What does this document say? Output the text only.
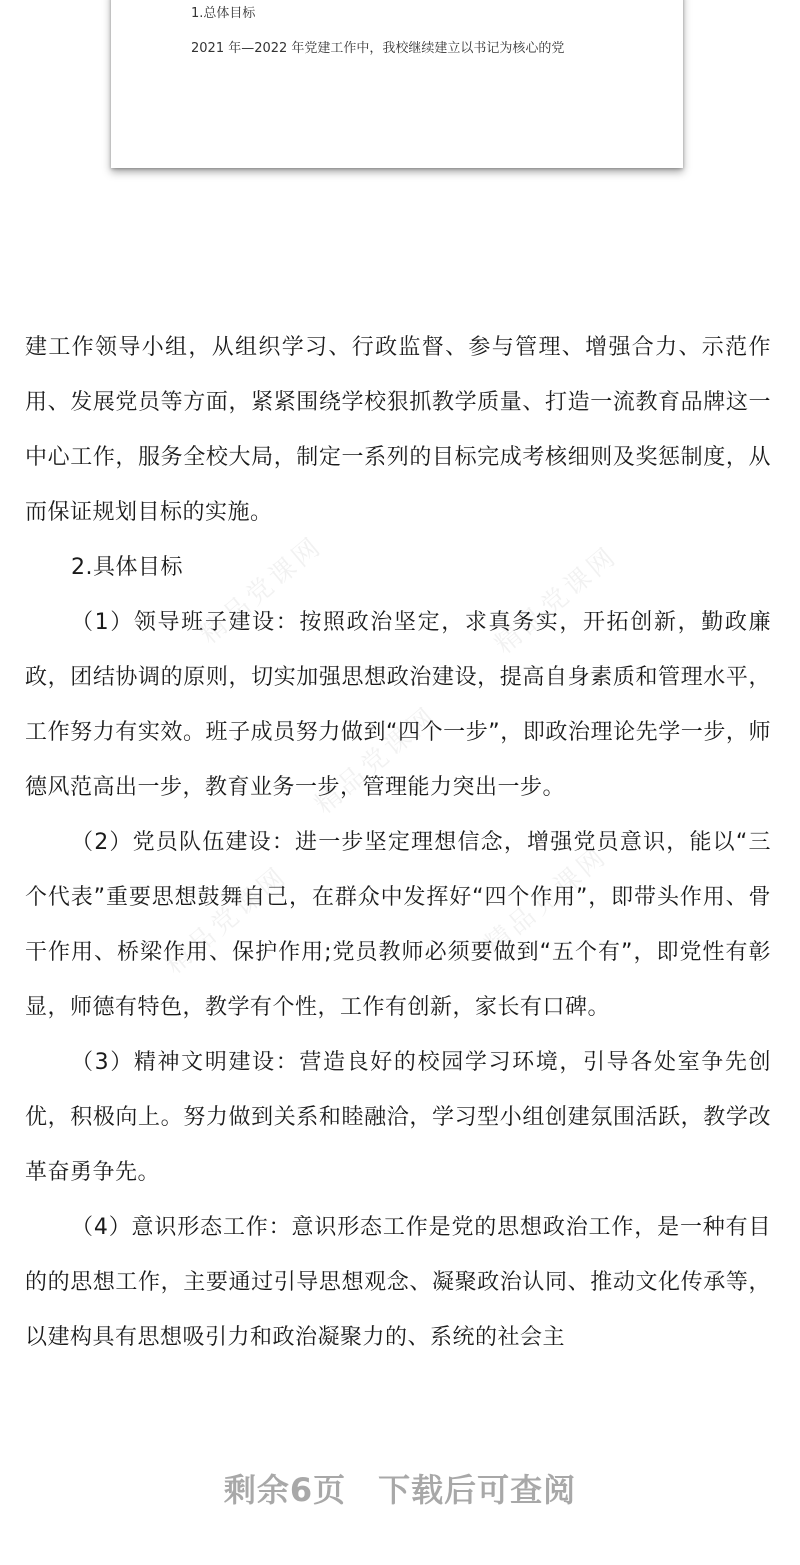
1.总体目标
2021 年—2022 年党建工作中，我校继续建立以书记为核心的党
精品党课网	精品党课网
精品党课网
精品党课网	精品党课网

建工作领导小组，从组织学习、行政监督、参与管理、增强合力、示范作用、发展党员等方面，紧紧围绕学校狠抓教学质量、打造一流教育品牌这一中心工作，服务全校大局，制定一系列的目标完成考核细则及奖惩制度，从而保证规划目标的实施。

2.具体目标

（1）领导班子建设：按照政治坚定，求真务实，开拓创新，勤政廉政，团结协调的原则，切实加强思想政治建设，提高自身素质和管理水平，工作努力有实效。班子成员努力做到“四个一步”，即政治理论先学一步，师德风范高出一步，教育业务一步，管理能力突出一步。

（2）党员队伍建设：进一步坚定理想信念，增强党员意识，能以“三个代表”重要思想鼓舞自己，在群众中发挥好“四个作用”，即带头作用、骨干作用、桥梁作用、保护作用;党员教师必须要做到“五个有”，即党性有彰显，师德有特色，教学有个性，工作有创新，家长有口碑。

（3）精神文明建设：营造良好的校园学习环境，引导各处室争先创优，积极向上。努力做到关系和睦融洽，学习型小组创建氛围活跃，教学改革奋勇争先。

（4）意识形态工作：意识形态工作是党的思想政治工作，是一种有目的的思想工作，主要通过引导思想观念、凝聚政治认同、推动文化传承等，以建构具有思想吸引力和政治凝聚力的、系统的社会主

剩余6页 下载后可查阅
